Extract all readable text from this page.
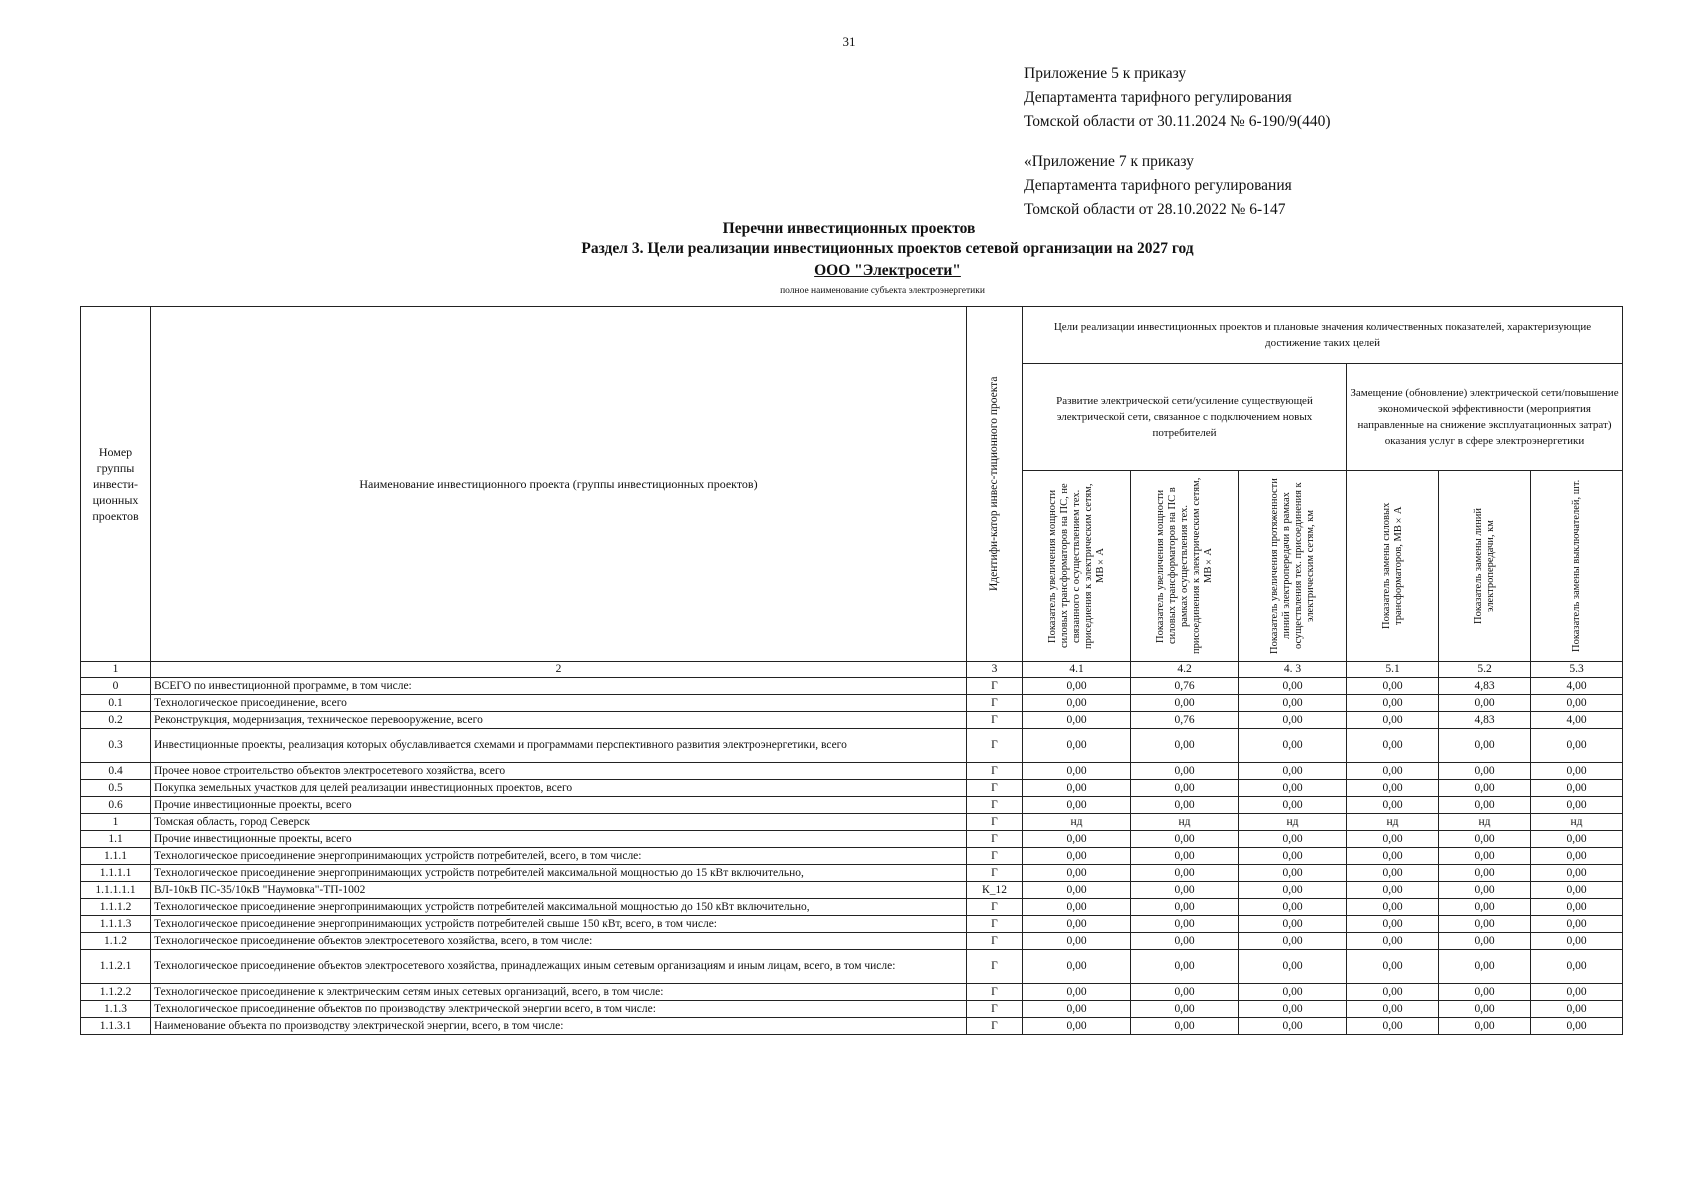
31
Приложение 5 к приказу
Департамента тарифного регулирования
Томской области от 30.11.2024 № 6-190/9(440)
«Приложение 7 к приказу
Департамента тарифного регулирования
Томской области от 28.10.2022 № 6-147
Перечни инвестиционных проектов
Раздел 3. Цели реализации инвестиционных проектов сетевой организации на 2027 год
ООО "Электросети"
полное наименование субъекта электроэнергетики
Номер группы инвести-ционных проектов	Наименование инвестиционного проекта (группы инвестиционных проектов)	Идентифи-катор инвес-тиционного проекта	Цели реализации инвестиционных проектов и плановые значения количественных показателей, характеризующие достижение таких целей					
			Развитие электрической сети/усиление существующей электрической сети, связанное с подключением новых потребителей			Замещение (обновление) электрической сети/повышение экономической эффективности (мероприятия направленные на снижение эксплуатационных затрат) оказания услуг в сфере электроэнергетики		

			Показатель увеличения мощности силовых трансформаторов на ПС, не связанного с осуществлением тех. приседиения к электрическим сетям, МВ×А	Показатель увеличения мощности силовых трансформаторов на ПС в рамках осуществления тех. присоединения к электрическим сетям, МВ×А	Показатель увеличения протяженности линий электропередачи в рамках осуществления тех. присоединения к электрическим сетям, км	Показатель замены силовых трансформаторов, МВ×А	Показатель замены линий электропередачи, км	Показатель замены выключателей, шт.

1	2	3	4.1	4.2	4. 3	5.1	5.2	5.3
0	ВСЕГО по инвестиционной программе, в том числе:	Г	0,00	0,76	0,00	0,00	4,83	4,00
0.1	Технологическое присоединение, всего	Г	0,00	0,00	0,00	0,00	0,00	0,00
0.2	Реконструкция, модернизация, техническое перевооружение, всего	Г	0,00	0,76	0,00	0,00	4,83	4,00
0.3	Инвестиционные проекты, реализация которых обуславливается схемами и программами перспективного развития электроэнергетики, всего	Г	0,00	0,00	0,00	0,00	0,00	0,00
0.4	Прочее новое строительство объектов электросетевого хозяйства, всего	Г	0,00	0,00	0,00	0,00	0,00	0,00
0.5	Покупка земельных участков для целей реализации инвестиционных проектов, всего	Г	0,00	0,00	0,00	0,00	0,00	0,00
0.6	Прочие инвестиционные проекты, всего	Г	0,00	0,00	0,00	0,00	0,00	0,00
1	Томская область, город Северск	Г	нд	нд	нд	нд	нд	нд
1.1	Прочие инвестиционные проекты, всего	Г	0,00	0,00	0,00	0,00	0,00	0,00
1.1.1	Технологическое присоединение энергопринимающих устройств потребителей, всего, в том числе:	Г	0,00	0,00	0,00	0,00	0,00	0,00
1.1.1.1	Технологическое присоединение энергопринимающих устройств потребителей максимальной мощностью до 15 кВт включительно,	Г	0,00	0,00	0,00	0,00	0,00	0,00
1.1.1.1.1	ВЛ-10кВ ПС-35/10кВ "Наумовка"-ТП-1002	К_12	0,00	0,00	0,00	0,00	0,00	0,00
1.1.1.2	Технологическое присоединение энергопринимающих устройств потребителей максимальной мощностью до 150 кВт включительно,	Г	0,00	0,00	0,00	0,00	0,00	0,00
1.1.1.3	Технологическое присоединение энергопринимающих устройств потребителей свыше 150 кВт, всего, в том числе:	Г	0,00	0,00	0,00	0,00	0,00	0,00
1.1.2	Технологическое присоединение объектов электросетевого хозяйства, всего, в том числе:	Г	0,00	0,00	0,00	0,00	0,00	0,00
1.1.2.1	Технологическое присоединение объектов электросетевого хозяйства, принадлежащих иным сетевым организациям и иным лицам, всего, в том числе:	Г	0,00	0,00	0,00	0,00	0,00	0,00
1.1.2.2	Технологическое присоединение к электрическим сетям иных сетевых организаций, всего, в том числе:	Г	0,00	0,00	0,00	0,00	0,00	0,00
1.1.3	Технологическое присоединение объектов по производству электрической энергии всего, в том числе:	Г	0,00	0,00	0,00	0,00	0,00	0,00
1.1.3.1	Наименование объекта по производству электрической энергии, всего, в том числе:	Г	0,00	0,00	0,00	0,00	0,00	0,00
